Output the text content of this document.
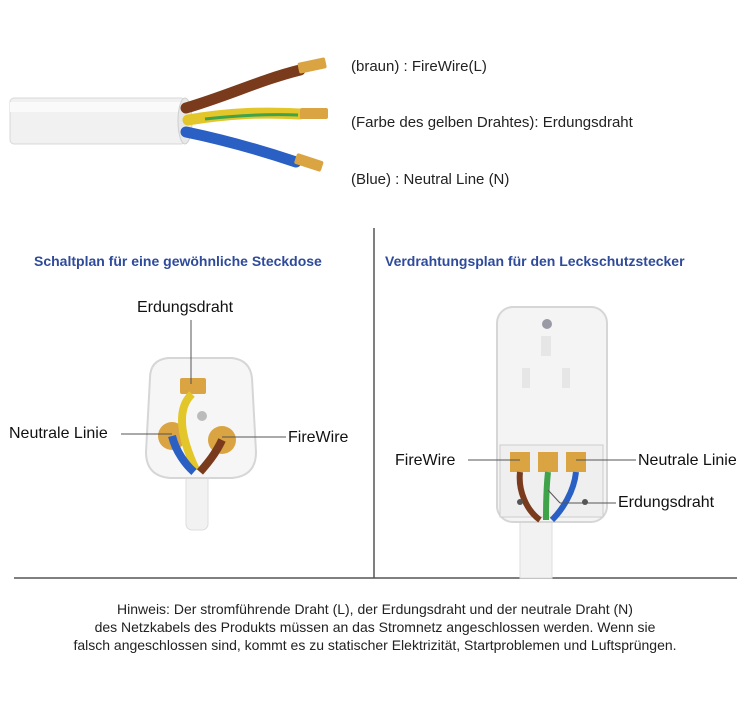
(braun) : FireWire(L)
(Farbe des gelben Drahtes): Erdungsdraht
(Blue) : Neutral Line (N)
Schaltplan für eine gewöhnliche Steckdose	Verdrahtungsplan für den Leckschutzstecker
Erdungsdraht
Neutrale Linie	FireWire
FireWire	Neutrale Linie
Erdungsdraht
Hinweis: Der stromführende Draht (L), der Erdungsdraht und der neutrale Draht (N)
des Netzkabels des Produkts müssen an das Stromnetz angeschlossen werden. Wenn sie
falsch angeschlossen sind, kommt es zu statischer Elektrizität, Startproblemen und Luftsprüngen.
